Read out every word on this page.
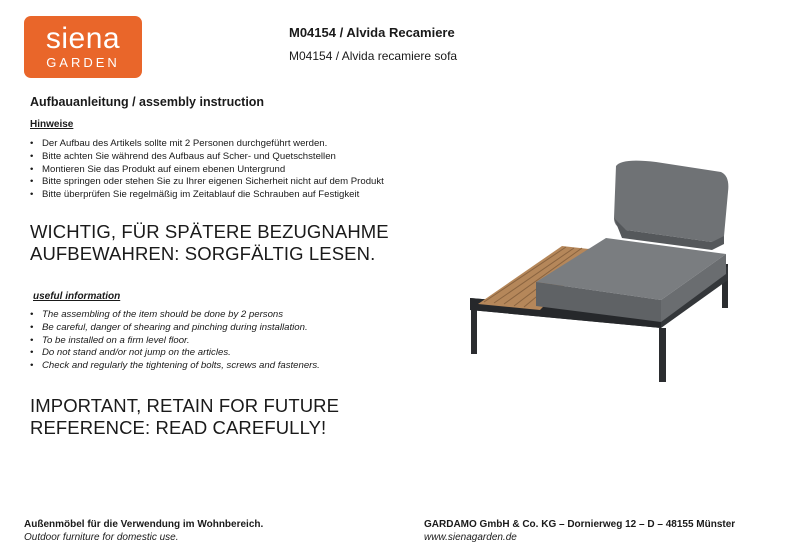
siena
GARDEN
M04154 / Alvida Recamiere
M04154 / Alvida recamiere sofa
Aufbauanleitung / assembly instruction
Hinweise
• Der Aufbau des Artikels sollte mit 2 Personen durchgeführt werden.
• Bitte achten Sie während des Aufbaus auf Scher- und Quetschstellen
• Montieren Sie das Produkt auf einem ebenen Untergrund
• Bitte springen oder stehen Sie zu Ihrer eigenen Sicherheit nicht auf dem Produkt
• Bitte überprüfen Sie regelmäßig im Zeitablauf die Schrauben auf Festigkeit
WICHTIG, FÜR SPÄTERE BEZUGNAHME
AUFBEWAHREN: SORGFÄLTIG LESEN.
useful information
• The assembling of the item should be done by 2 persons
• Be careful, danger of shearing and pinching during installation.
• To be installed on a firm level floor.
• Do not stand and/or not jump on the articles.
• Check and regularly the tightening of bolts, screws and fasteners.
IMPORTANT, RETAIN FOR FUTURE
REFERENCE: READ CAREFULLY!
Außenmöbel für die Verwendung im Wohnbereich.
Outdoor furniture for domestic use.
GARDAMO GmbH & Co. KG – Dornierweg 12 – D – 48155 Münster
www.sienagarden.de
